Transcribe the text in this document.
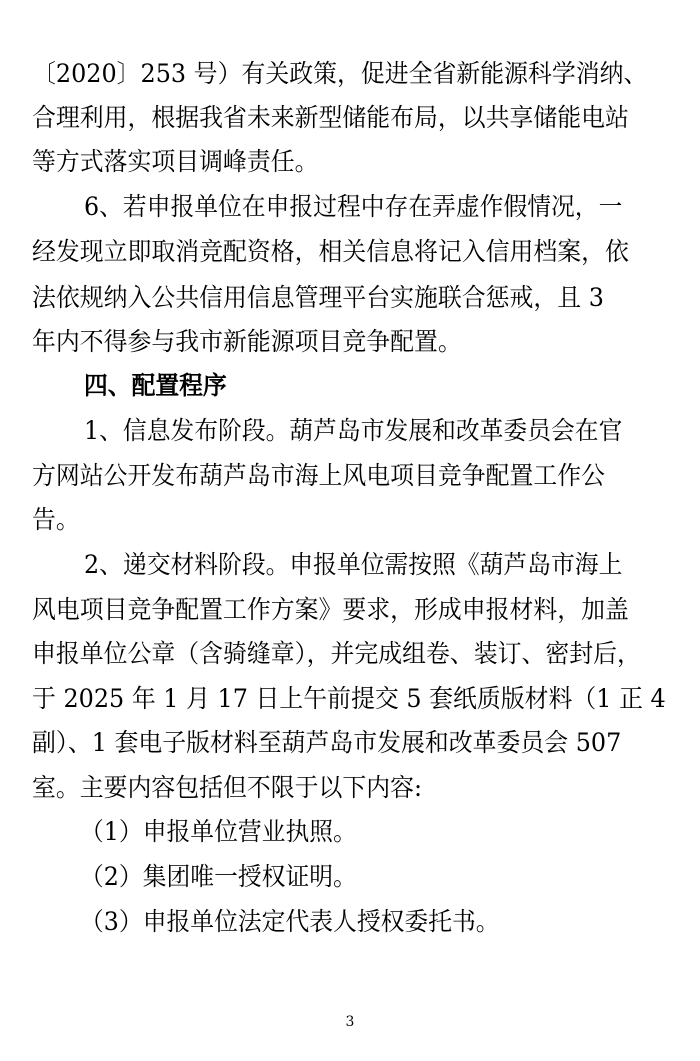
〔2020〕253 号）有关政策，促进全省新能源科学消纳、
合理利用，根据我省未来新型储能布局，以共享储能电站
等方式落实项目调峰责任。
6、若申报单位在申报过程中存在弄虚作假情况，一
经发现立即取消竞配资格，相关信息将记入信用档案，依
法依规纳入公共信用信息管理平台实施联合惩戒，且 3
年内不得参与我市新能源项目竞争配置。
四、配置程序
1、信息发布阶段。葫芦岛市发展和改革委员会在官
方网站公开发布葫芦岛市海上风电项目竞争配置工作公
告。
2、递交材料阶段。申报单位需按照《葫芦岛市海上
风电项目竞争配置工作方案》要求，形成申报材料，加盖
申报单位公章（含骑缝章），并完成组卷、装订、密封后，
于 2025 年 1 月 17 日上午前提交 5 套纸质版材料（1 正 4
副）、1 套电子版材料至葫芦岛市发展和改革委员会 507
室。主要内容包括但不限于以下内容:
（1）申报单位营业执照。
（2）集团唯一授权证明。
（3）申报单位法定代表人授权委托书。
3
